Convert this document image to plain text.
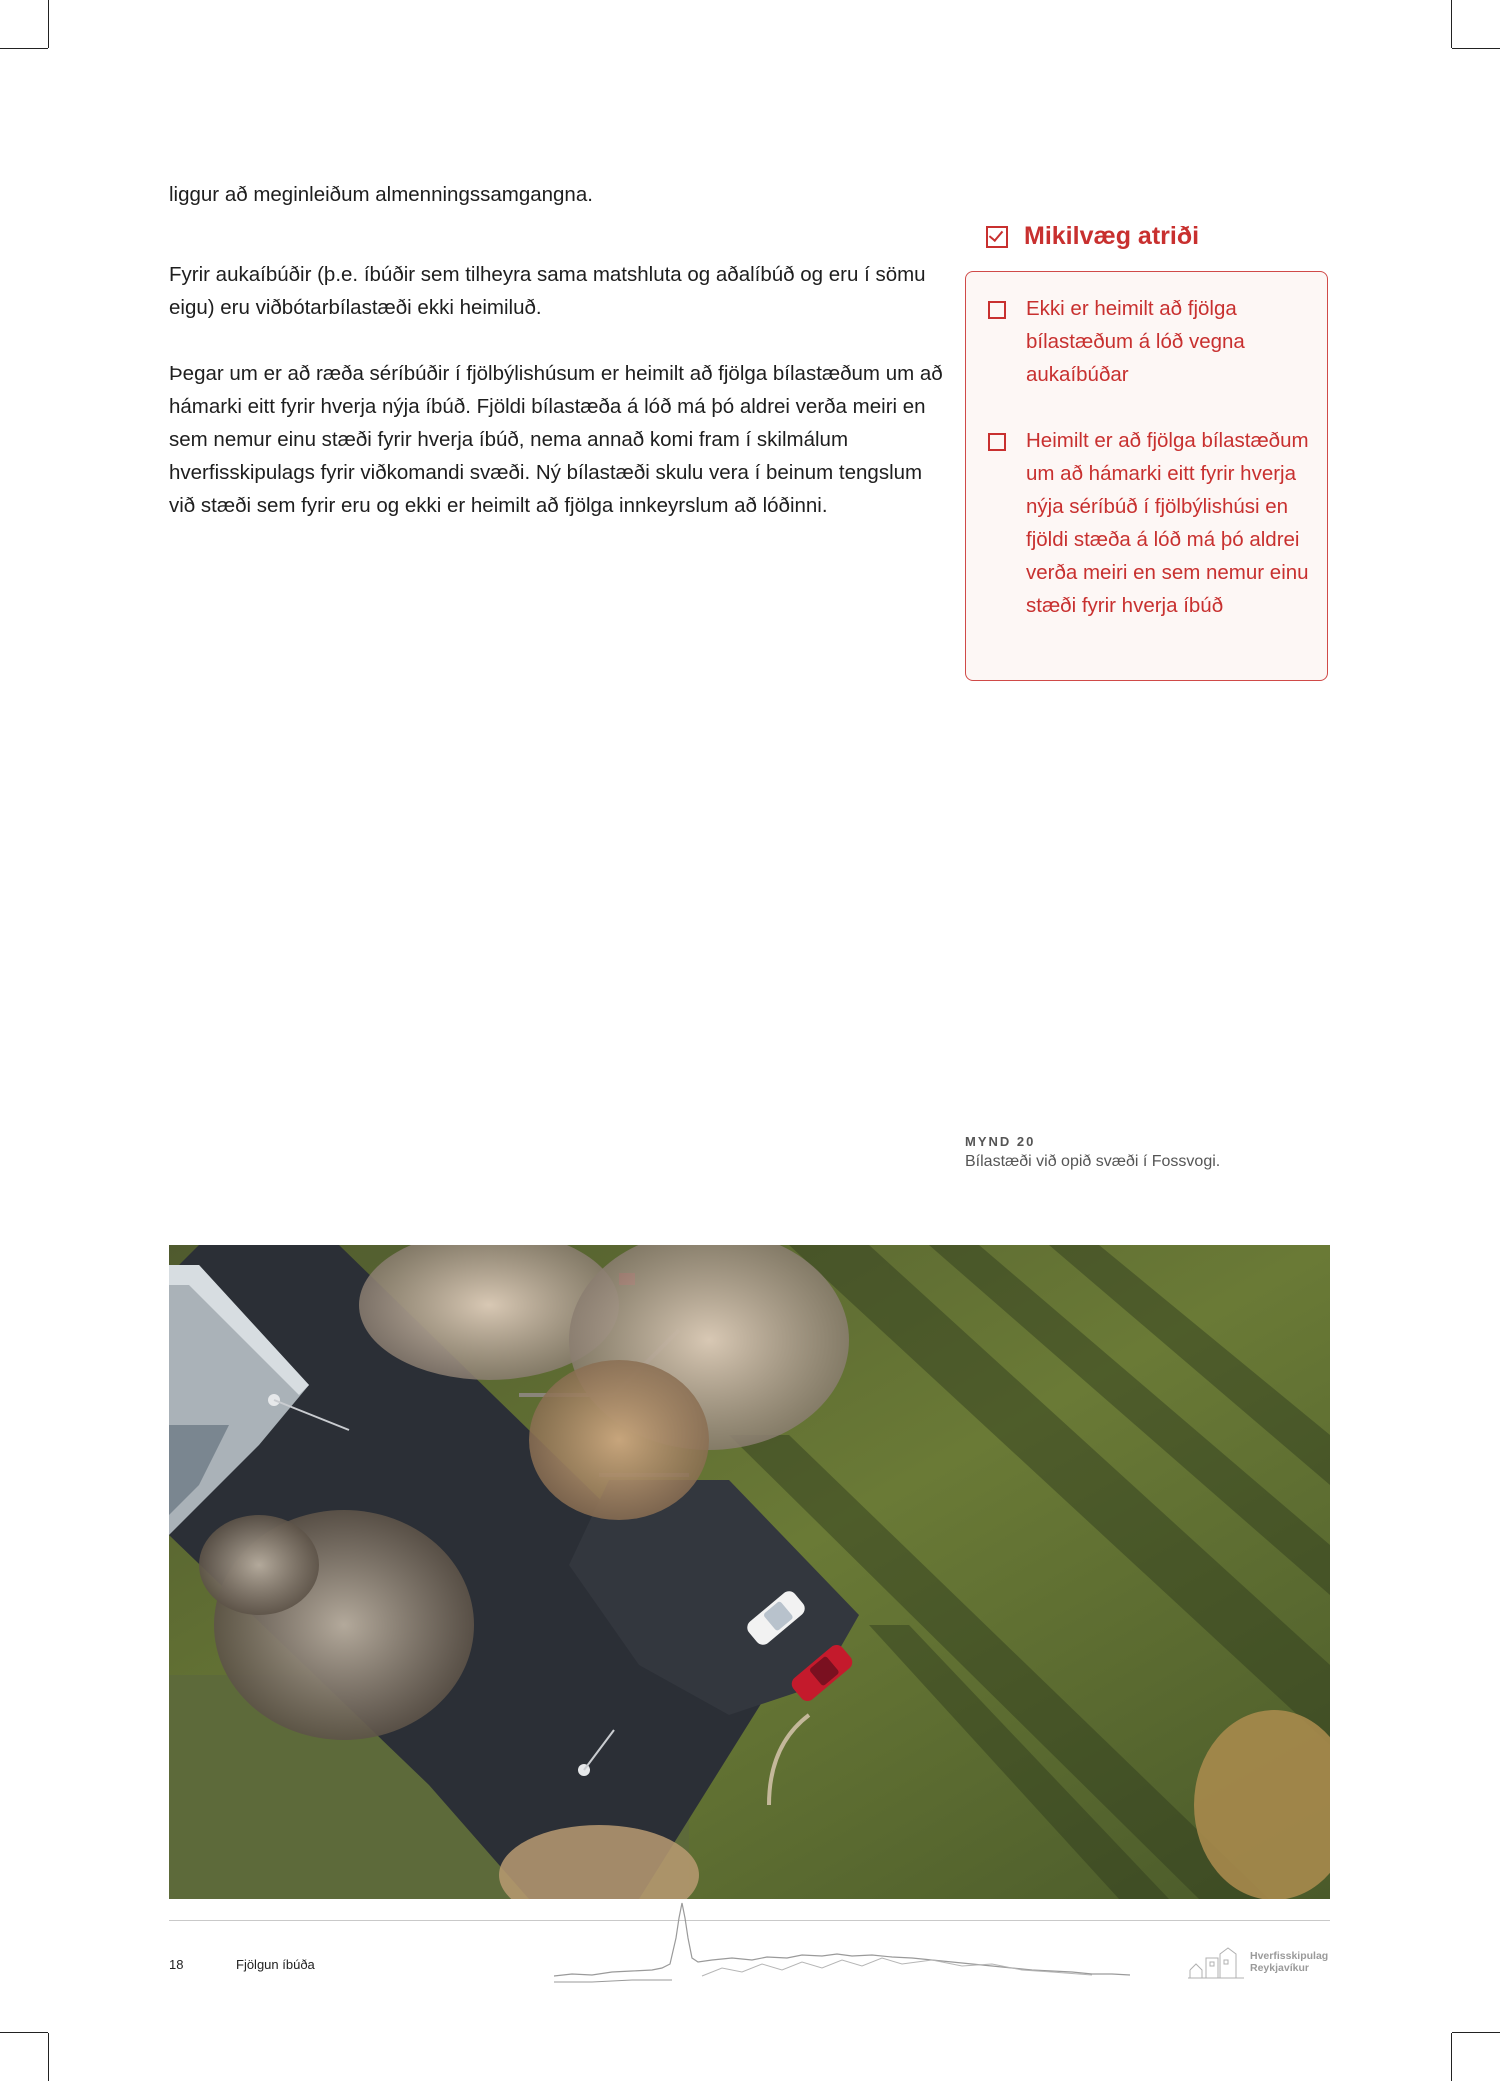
liggur að meginleiðum almenningssamgangna.

Fyrir aukaíbúðir (þ.e. íbúðir sem tilheyra sama matshluta og aðalíbúð og eru í sömu eigu) eru viðbótarbílastæði ekki heimiluð.

Þegar um er að ræða séríbúðir í fjölbýlishúsum er heimilt að fjölga bílastæðum um að hámarki eitt fyrir hverja nýja íbúð. Fjöldi bílastæða á lóð má þó aldrei verða meiri en sem nemur einu stæði fyrir hverja íbúð, nema annað komi fram í skilmálum hverfisskipulags fyrir viðkomandi svæði. Ný bílastæði skulu vera í beinum tengslum við stæði sem fyrir eru og ekki er heimilt að fjölga innkeyrslum að lóðinni.

Mikilvæg atriði
Ekki er heimilt að fjölga bílastæðum á lóð vegna aukaíbúðar
Heimilt er að fjölga bílastæðum um að hámarki eitt fyrir hverja nýja séríbúð í fjölbýlishúsi en fjöldi stæða á lóð má þó aldrei verða meiri en sem nemur einu stæði fyrir hverja íbúð
MYND 20
Bílastæði við opið svæði í Fossvogi.
18	Fjölgun íbúða
Hverfisskipulag
Reykjavíkur
